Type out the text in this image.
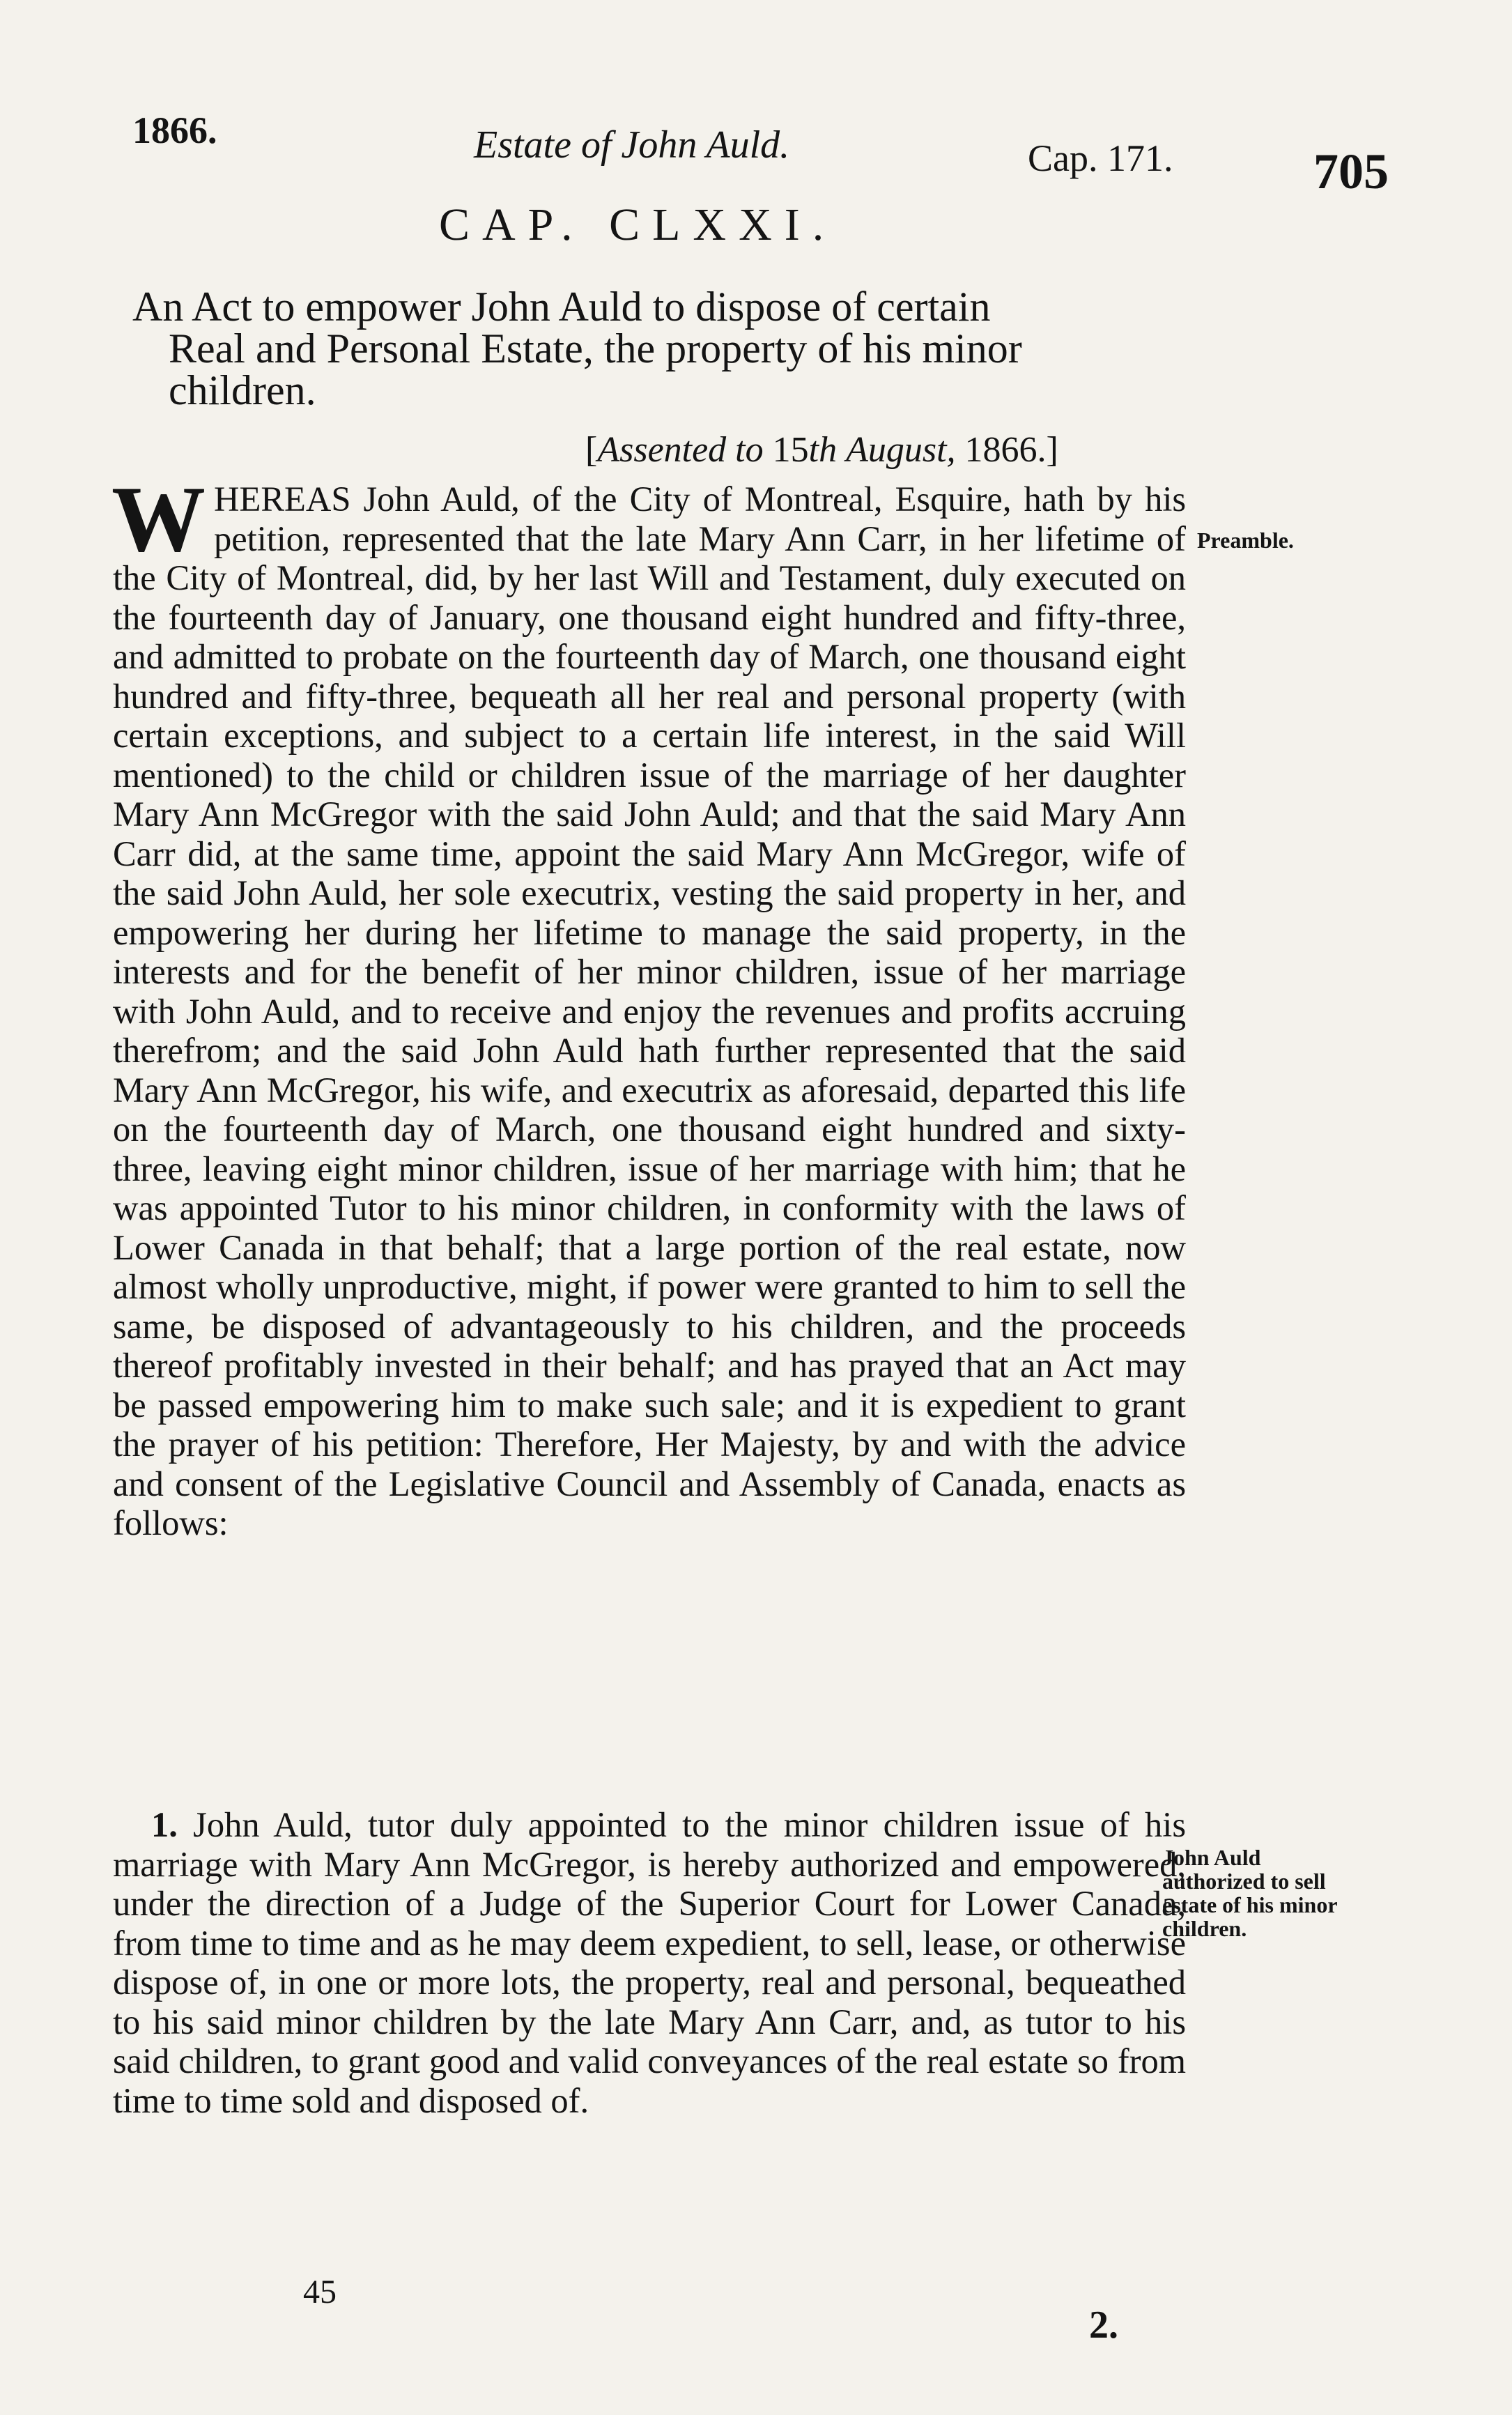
1866.	Estate of John Auld.	Cap. 171.	705
CAP. CLXXI.
An Act to empower John Auld to dispose of certain
Real and Personal Estate, the property of his minor
children.
[Assented to 15th August, 1866.]

WHEREAS John Auld, of the City of Montreal, Esquire, hath by his petition, represented that the late Mary Ann Carr, in her lifetime of the City of Montreal, did, by her last Will and Testament, duly executed on the fourteenth day of January, one thousand eight hundred and fifty-three, and admitted to probate on the fourteenth day of March, one thousand eight hundred and fifty-three, bequeath all her real and personal property (with certain exceptions, and subject to a certain life interest, in the said Will mentioned) to the child or children issue of the marriage of her daughter Mary Ann McGregor with the said John Auld; and that the said Mary Ann Carr did, at the same time, appoint the said Mary Ann McGregor, wife of the said John Auld, her sole executrix, vesting the said property in her, and empowering her during her lifetime to manage the said property, in the interests and for the benefit of her minor children, issue of her marriage with John Auld, and to receive and enjoy the revenues and profits accruing therefrom; and the said John Auld hath further represented that the said Mary Ann McGregor, his wife, and executrix as aforesaid, departed this life on the fourteenth day of March, one thousand eight hundred and sixty-three, leaving eight minor children, issue of her marriage with him; that he was appointed Tutor to his minor children, in conformity with the laws of Lower Canada in that behalf; that a large portion of the real estate, now almost wholly unproductive, might, if power were granted to him to sell the same, be disposed of advantageously to his children, and the proceeds thereof profitably invested in their behalf; and has prayed that an Act may be passed empowering him to make such sale; and it is expedient to grant the prayer of his petition: Therefore, Her Majesty, by and with the advice and consent of the Legislative Council and Assembly of Canada, enacts as follows:

Preamble.

1. John Auld, tutor duly appointed to the minor children issue of his marriage with Mary Ann McGregor, is hereby authorized and empowered, under the direction of a Judge of the Superior Court for Lower Canada, from time to time and as he may deem expedient, to sell, lease, or otherwise dispose of, in one or more lots, the property, real and personal, bequeathed to his said minor children by the late Mary Ann Carr, and, as tutor to his said children, to grant good and valid conveyances of the real estate so from time to time sold and disposed of.

John Auld authorized to sell estate of his minor children.
45
2.
